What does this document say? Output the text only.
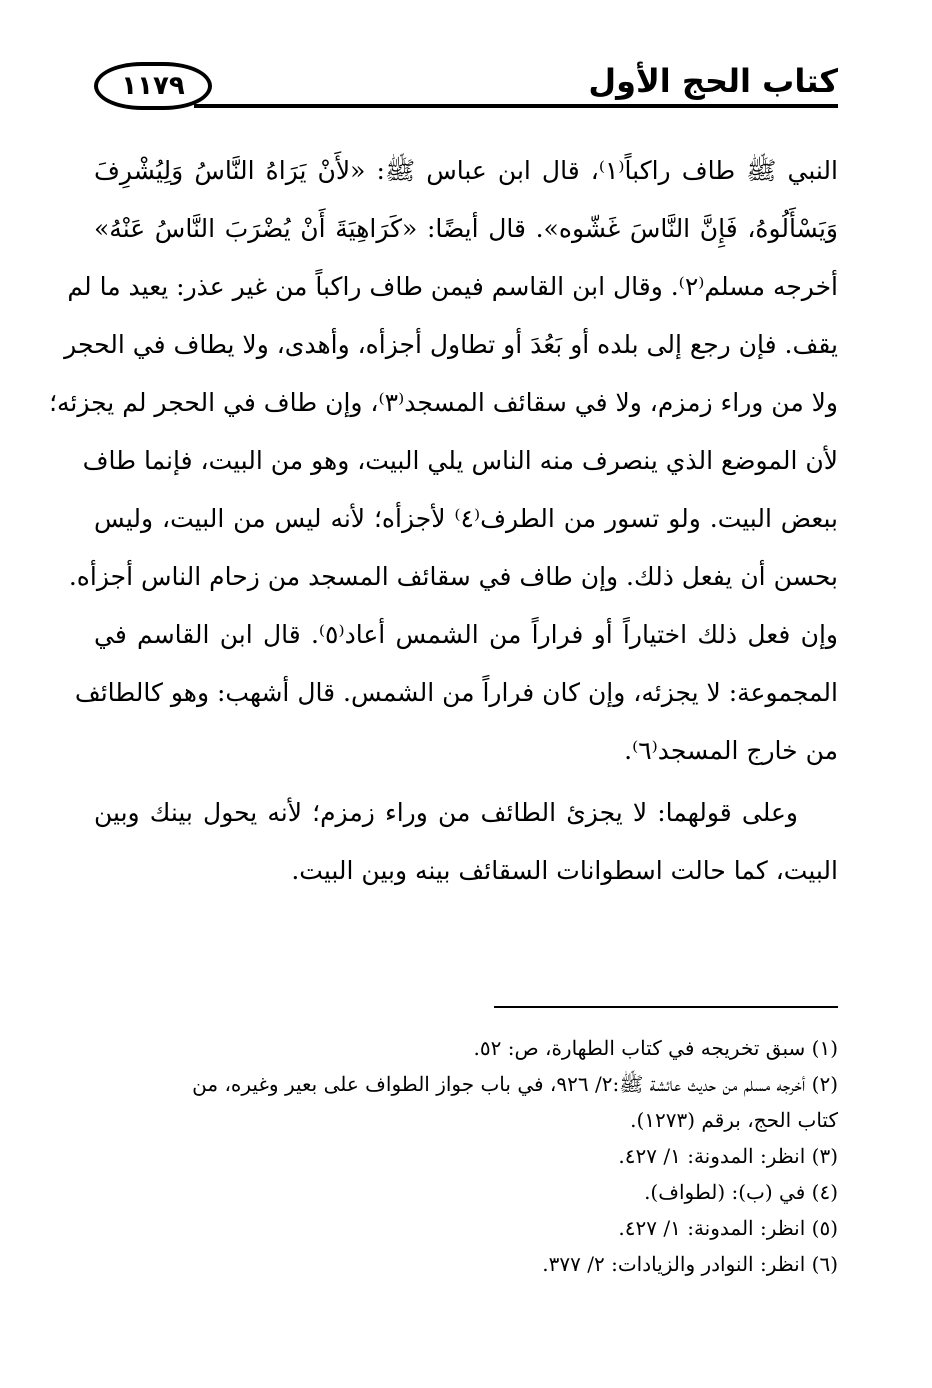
١١٧٩	كتاب الحج الأول
النبي ﷺ طاف راكباً⁽١⁾، قال ابن عباس ﷺ: «لأَنْ يَرَاهُ النَّاسُ وَلِيُشْرِفَ
وَيَسْأَلُوهُ، فَإِنَّ النَّاسَ غَشّوه». قال أيضًا: «كَرَاهِيَةَ أَنْ يُضْرَبَ النَّاسُ عَنْهُ»
أخرجه مسلم⁽٢⁾. وقال ابن القاسم فيمن طاف راكباً من غير عذر: يعيد ما لم
يقف. فإن رجع إلى بلده أو بَعُدَ أو تطاول أجزأه، وأهدى، ولا يطاف في الحجر
ولا من وراء زمزم، ولا في سقائف المسجد⁽٣⁾، وإن طاف في الحجر لم يجزئه؛
لأن الموضع الذي ينصرف منه الناس يلي البيت، وهو من البيت، فإنما طاف
ببعض البيت. ولو تسور من الطرف⁽٤⁾ لأجزأه؛ لأنه ليس من البيت، وليس
بحسن أن يفعل ذلك. وإن طاف في سقائف المسجد من زحام الناس أجزأه.
وإن فعل ذلك اختياراً أو فراراً من الشمس أعاد⁽٥⁾. قال ابن القاسم في
المجموعة: لا يجزئه، وإن كان فراراً من الشمس. قال أشهب: وهو كالطائف
من خارج المسجد⁽٦⁾.
وعلى قولهما: لا يجزئ الطائف من وراء زمزم؛ لأنه يحول بينك وبين
البيت، كما حالت اسطوانات السقائف بينه وبين البيت.
(١) سبق تخريجه في كتاب الطهارة، ص: ٥٢.
(٢) أخرجه مسلم من حديث عائشة ﷺ:٢/ ٩٢٦، في باب جواز الطواف على بعير وغيره، من
كتاب الحج، برقم (١٢٧٣).
(٣) انظر: المدونة: ١/ ٤٢٧.
(٤) في (ب): (لطواف).
(٥) انظر: المدونة: ١/ ٤٢٧.
(٦) انظر: النوادر والزيادات: ٢/ ٣٧٧.
